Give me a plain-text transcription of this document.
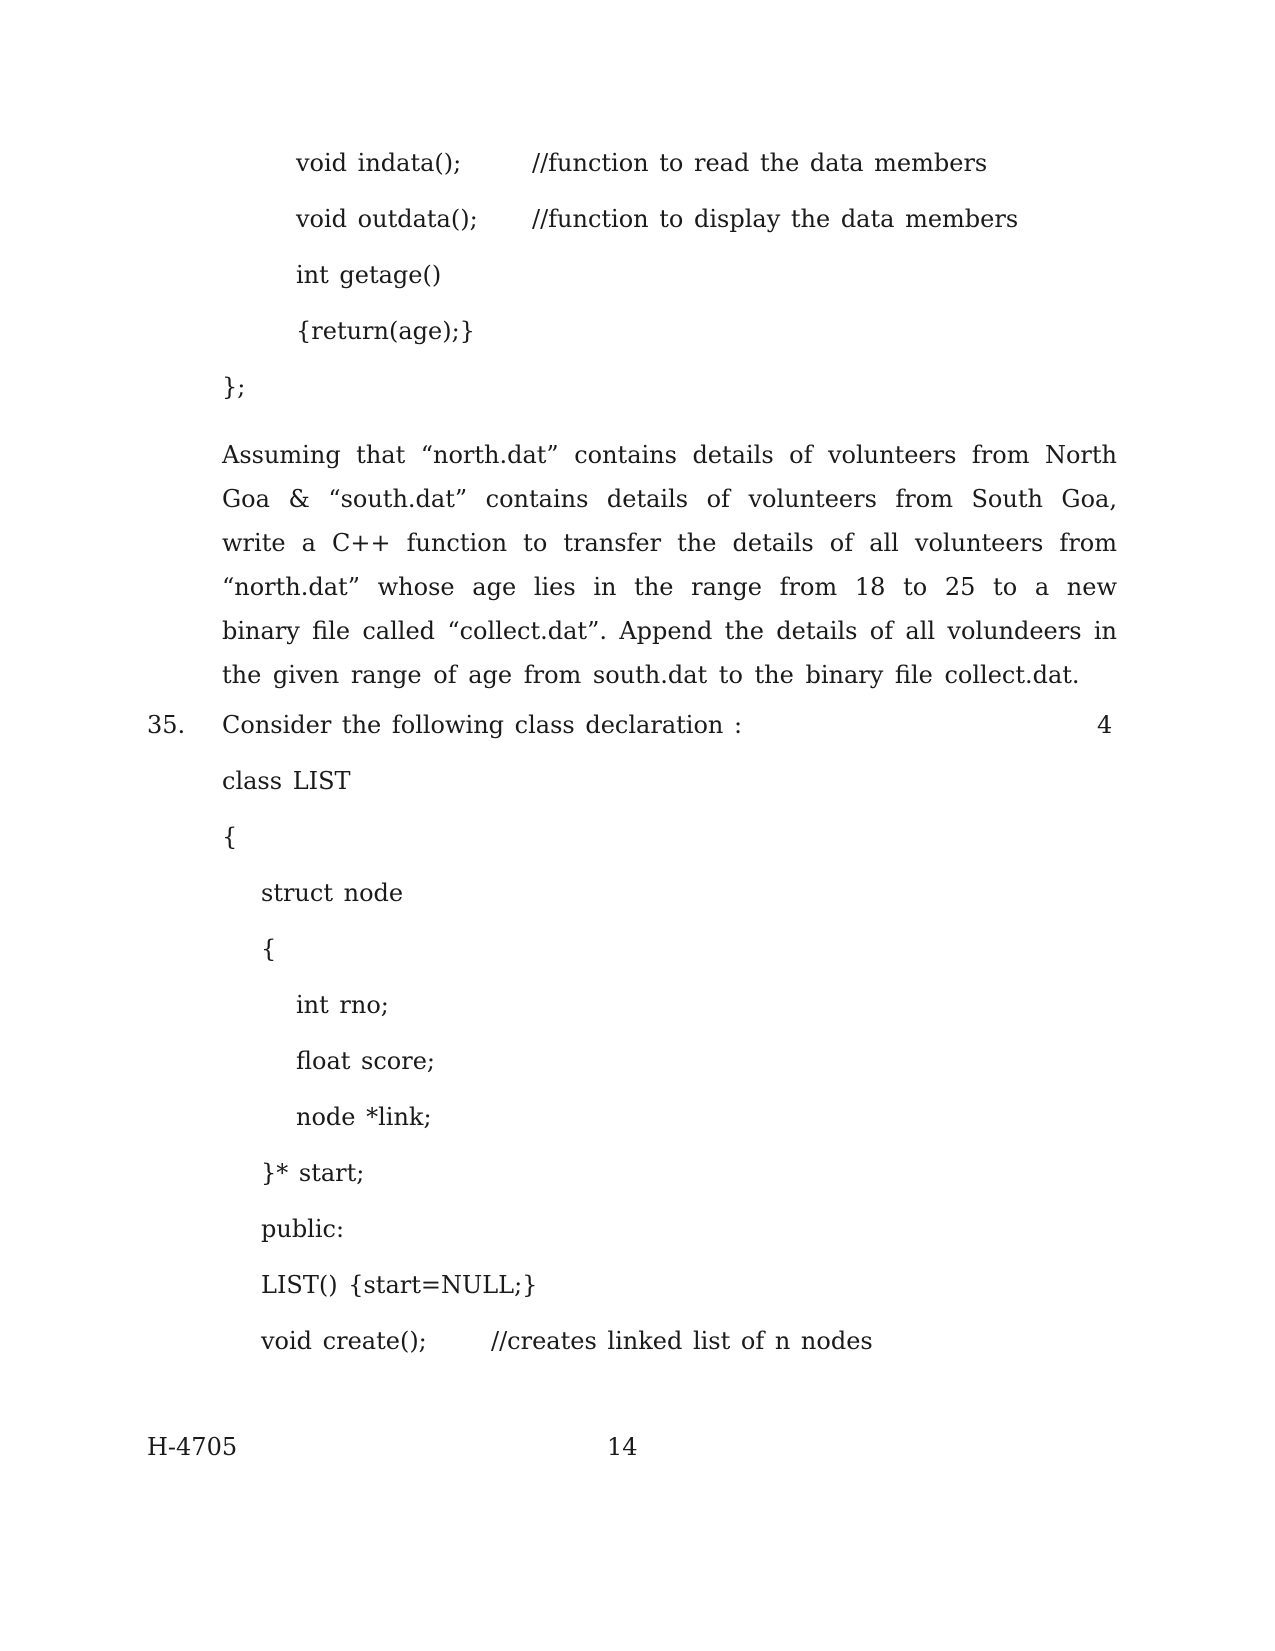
void indata();	//function to read the data members
void outdata(); //function to display the data members
int getage()
{return(age);}
};
Assuming that “north.dat” contains details of volunteers from North Goa & “south.dat” contains details of volunteers from South Goa, write a C++ function to transfer the details of all volunteers from “north.dat” whose age lies in the range from 18 to 25 to a new binary file called “collect.dat”. Append the details of all volundeers in the given range of age from south.dat to the binary file collect.dat.
35. Consider the following class declaration :	4
class LIST
{
struct node
{
int rno;
float score;
node *link;
}* start;
public:
LIST() {start=NULL;}
void create();	//creates linked list of n nodes
H-4705	14
